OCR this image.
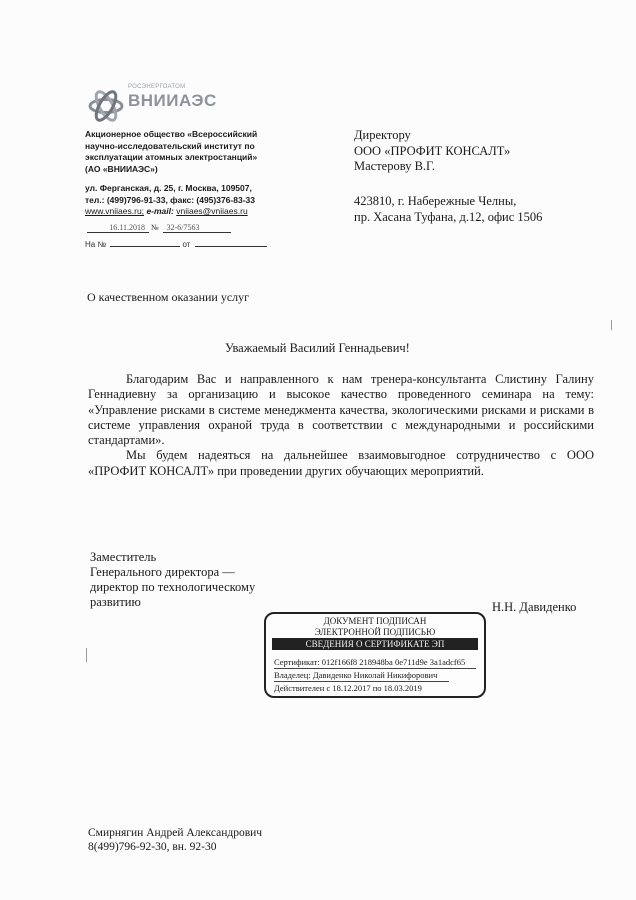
РОСЭНЕРГОАТОМ
ВНИИАЭС
Акционерное общество «Всероссийский
научно-исследовательский институт по
эксплуатации атомных электростанций»
(АО «ВНИИАЭС»)
ул. Ферганская, д. 25, г. Москва, 109507,
тел.: (499)796-91-33, факс: (495)376-83-33
www.vniiaes.ru; e-mail: vniiaes@vniiaes.ru
16.11.2018 № 32-6/7563
На №	от
Директору
ООО «ПРОФИТ КОНСАЛТ»
Мастерову В.Г.
423810, г. Набережные Челны,
пр. Хасана Туфана, д.12, офис 1506
О качественном оказании услуг
Уважаемый Василий Геннадьевич!

Благодарим Вас и направленного к нам тренера-консультанта Слистину Галину Геннадиевну за организацию и высокое качество проведенного семинара на тему: «Управление рисками в системе менеджмента качества, экологическими рисками и рисками в системе управления охраной труда в соответствии с международными и российскими стандартами».

Мы будем надеяться на дальнейшее взаимовыгодное сотрудничество с ООО «ПРОФИТ КОНСАЛТ» при проведении других обучающих мероприятий.

Заместитель
Генерального директора —
директор по технологическому
развитию	Н.Н. Давиденко
ДОКУМЕНТ ПОДПИСАН
ЭЛЕКТРОННОЙ ПОДПИСЬЮ
СВЕДЕНИЯ О СЕРТИФИКАТЕ ЭП
Сертификат: 012f166f8 218948ba 0e711d9e 3a1adcf65
Владелец: Давиденко Николай Никифорович
Действителен с 18.12.2017 по 18.03.2019
Смирнягин Андрей Александрович
8(499)796-92-30, вн. 92-30
